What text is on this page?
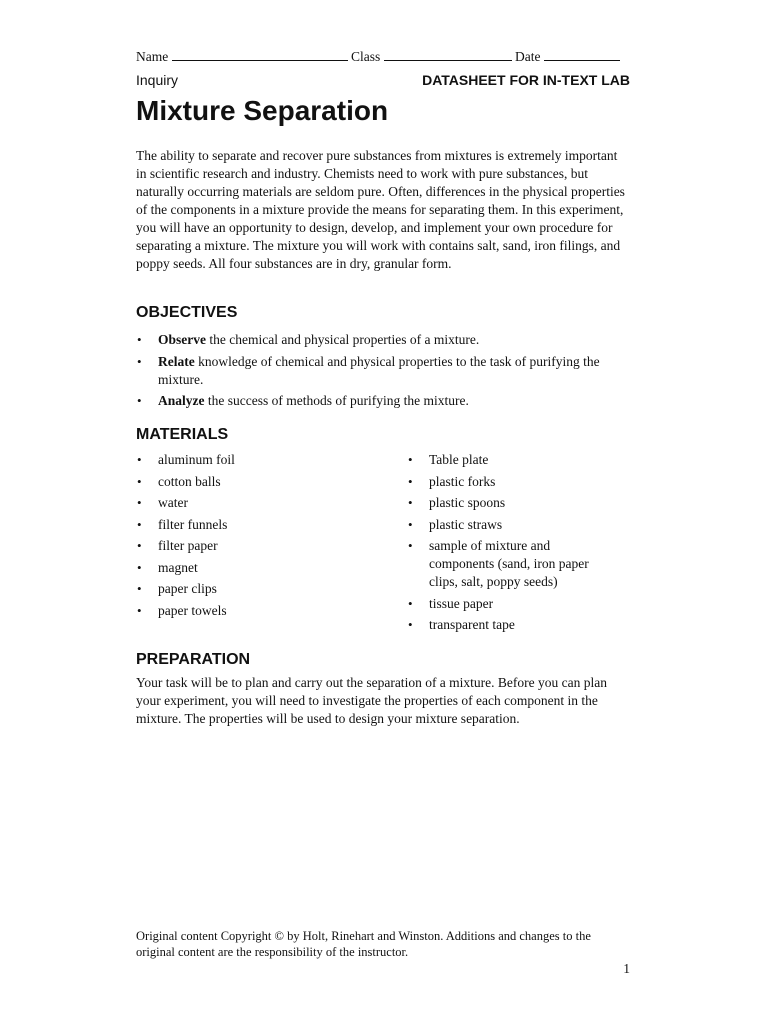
Name	Class	Date
Inquiry	DATASHEET FOR IN-TEXT LAB
Mixture Separation

The ability to separate and recover pure substances from mixtures is extremely important in scientific research and industry. Chemists need to work with pure substances, but naturally occurring materials are seldom pure. Often, differences in the physical properties of the components in a mixture provide the means for separating them. In this experiment, you will have an opportunity to design, develop, and implement your own procedure for separating a mixture. The mixture you will work with contains salt, sand, iron filings, and poppy seeds. All four substances are in dry, granular form.

OBJECTIVES
• Observe the chemical and physical properties of a mixture.
• Relate knowledge of chemical and physical properties to the task of purifying the mixture.
• Analyze the success of methods of purifying the mixture.
MATERIALS
• aluminum foil
• cotton balls
• water
• filter funnels
• filter paper
• magnet
• paper clips
• paper towels
• Table plate
• plastic forks
• plastic spoons
• plastic straws
• sample of mixture and components (sand, iron paper clips, salt, poppy seeds)
• tissue paper
• transparent tape
PREPARATION

Your task will be to plan and carry out the separation of a mixture. Before you can plan your experiment, you will need to investigate the properties of each component in the mixture. The properties will be used to design your mixture separation.

Original content Copyright © by Holt, Rinehart and Winston. Additions and changes to the original content are the responsibility of the instructor.

1
